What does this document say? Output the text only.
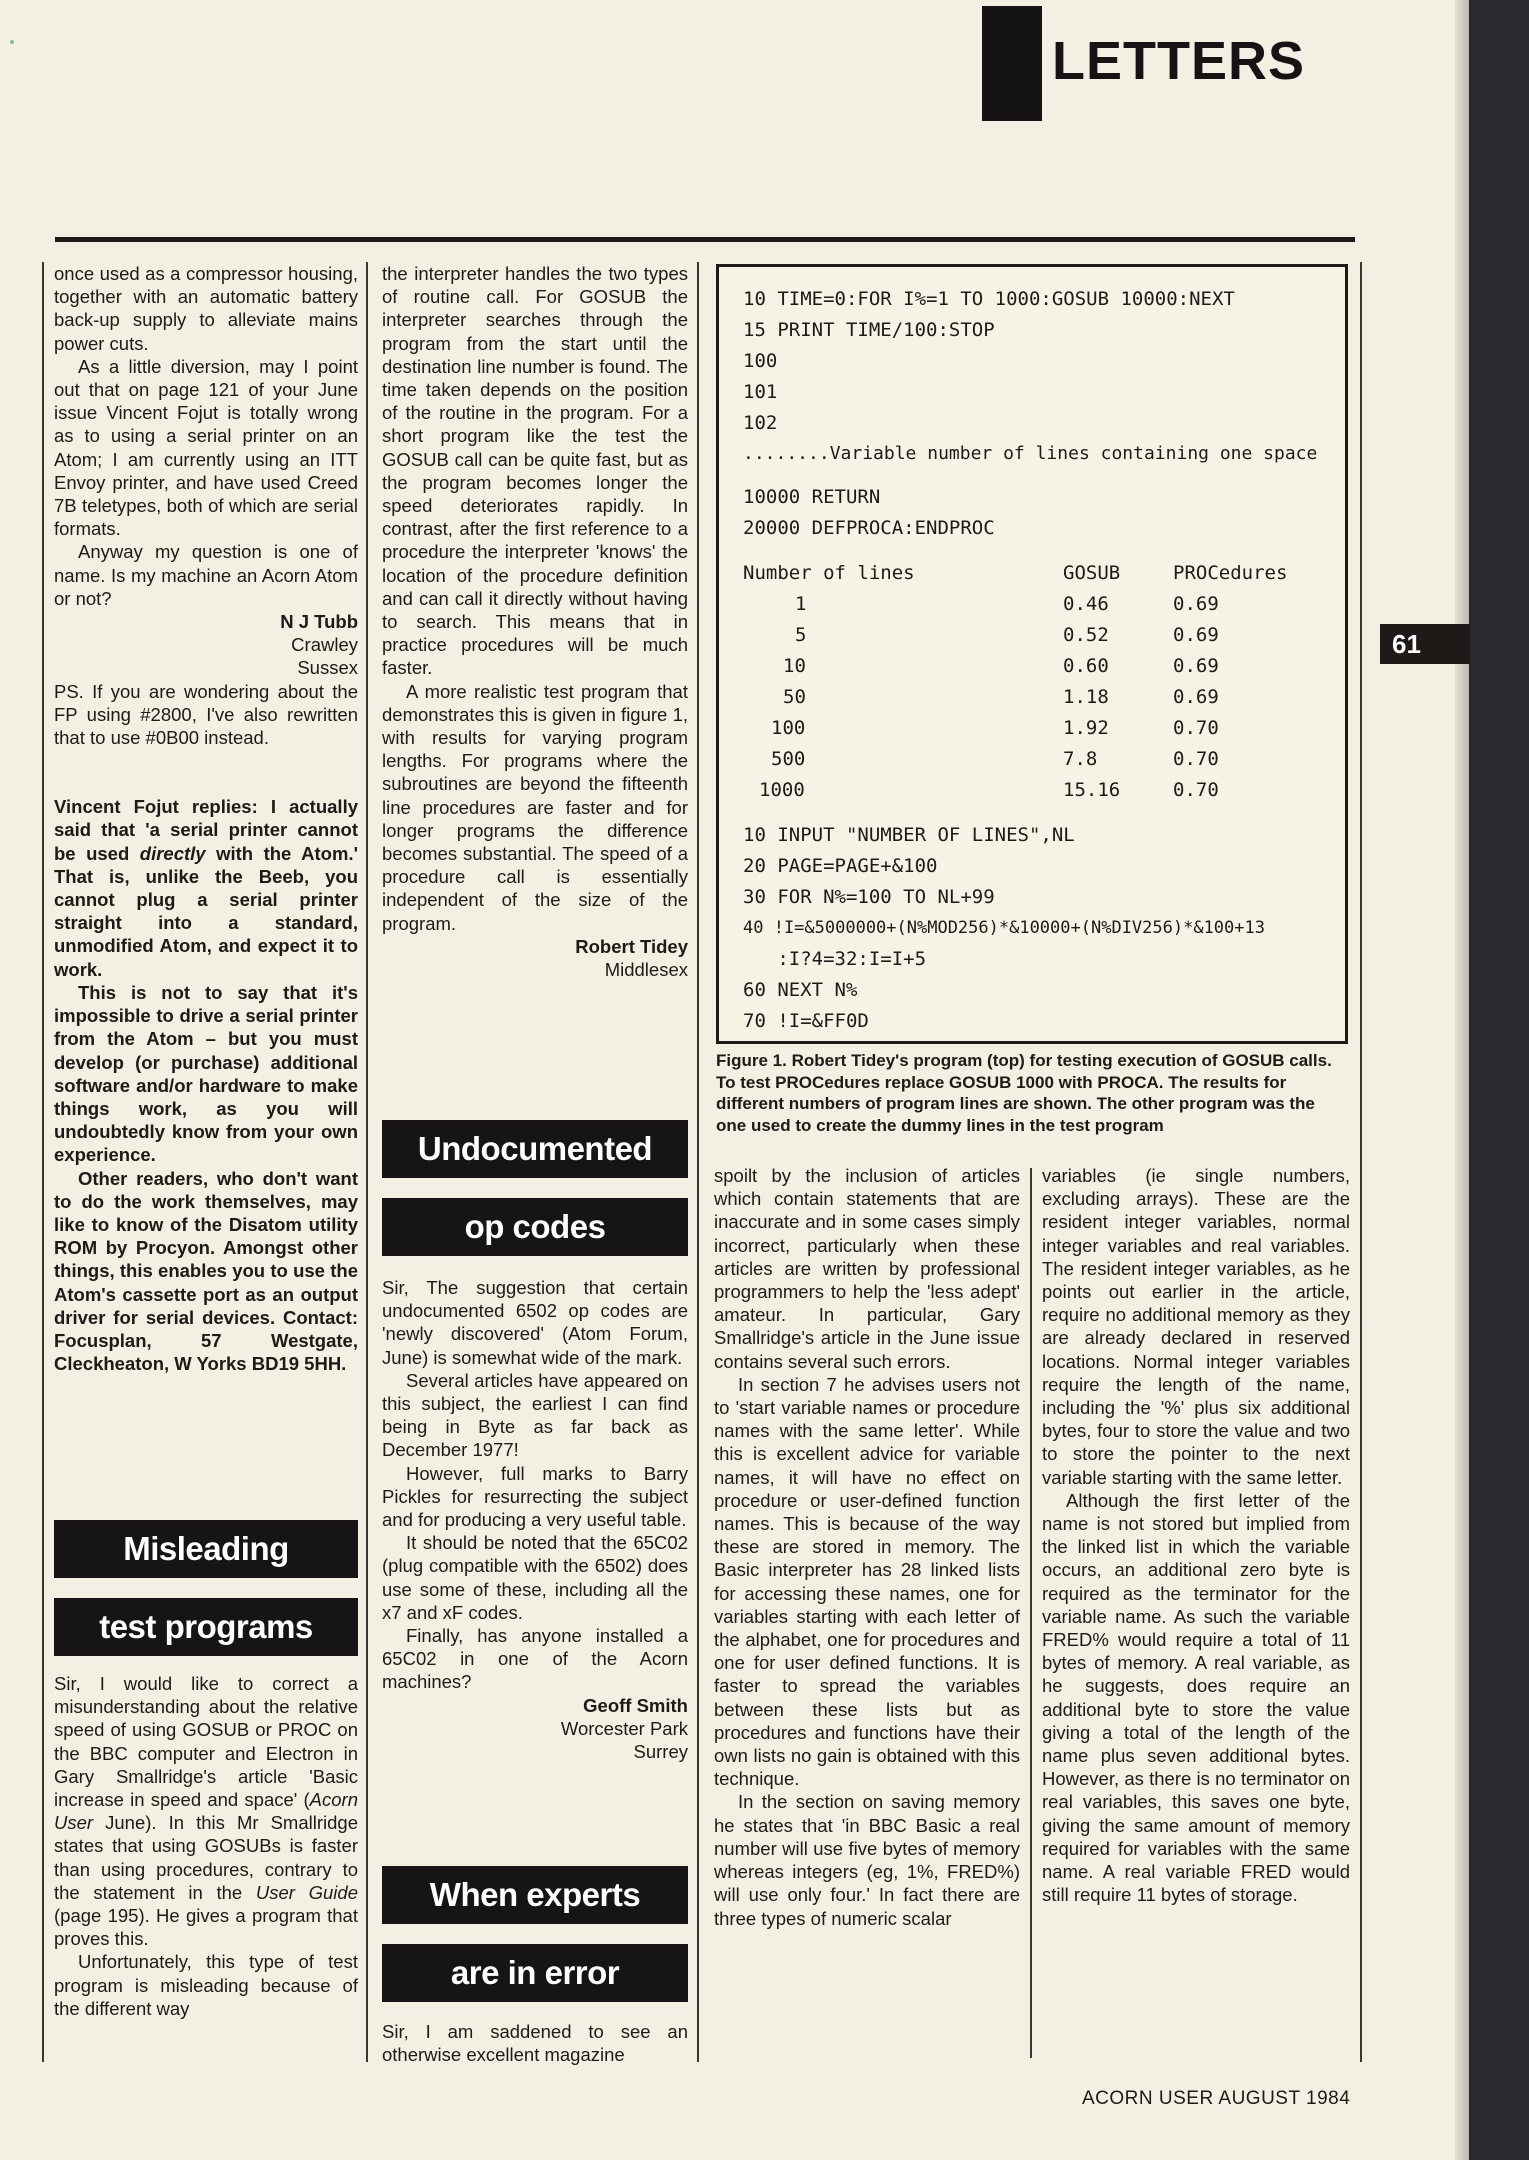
LETTERS
61

once used as a compressor housing, together with an automatic battery back-up supply to alleviate mains power cuts.

As a little diversion, may I point out that on page 121 of your June issue Vincent Fojut is totally wrong as to using a serial printer on an Atom; I am currently using an ITT Envoy printer, and have used Creed 7B teletypes, both of which are serial formats.

Anyway my question is one of name. Is my machine an Acorn Atom or not?

N J Tubb

Crawley

Sussex

PS. If you are wondering about the FP using #2800, I've also rewritten that to use #0B00 instead.

Vincent Fojut replies: I actually said that 'a serial printer cannot be used directly with the Atom.' That is, unlike the Beeb, you cannot plug a serial printer straight into a standard, unmodified Atom, and expect it to work.

This is not to say that it's impossible to drive a serial printer from the Atom – but you must develop (or purchase) additional software and/or hardware to make things work, as you will undoubtedly know from your own experience.

Other readers, who don't want to do the work themselves, may like to know of the Disatom utility ROM by Procyon. Amongst other things, this enables you to use the Atom's cassette port as an output driver for serial devices. Contact: Focusplan, 57 Westgate, Cleckheaton, W Yorks BD19 5HH.

Misleading
test programs

Sir, I would like to correct a misunderstanding about the relative speed of using GOSUB or PROC on the BBC computer and Electron in Gary Smallridge's article 'Basic increase in speed and space' (Acorn User June). In this Mr Smallridge states that using GOSUBs is faster than using procedures, contrary to the statement in the User Guide (page 195). He gives a program that proves this.

Unfortunately, this type of test program is misleading because of the different way

the interpreter handles the two types of routine call. For GOSUB the interpreter searches through the program from the start until the destination line number is found. The time taken depends on the position of the routine in the program. For a short program like the test the GOSUB call can be quite fast, but as the program becomes longer the speed deteriorates rapidly. In contrast, after the first reference to a procedure the interpreter 'knows' the location of the procedure definition and can call it directly without having to search. This means that in practice procedures will be much faster.

A more realistic test program that demonstrates this is given in figure 1, with results for varying program lengths. For programs where the subroutines are beyond the fifteenth line procedures are faster and for longer programs the difference becomes substantial. The speed of a procedure call is essentially independent of the size of the program.

Robert Tidey

Middlesex

Undocumented
op codes

Sir, The suggestion that certain undocumented 6502 op codes are 'newly discovered' (Atom Forum, June) is somewhat wide of the mark.

Several articles have appeared on this subject, the earliest I can find being in Byte as far back as December 1977!

However, full marks to Barry Pickles for resurrecting the subject and for producing a very useful table.

It should be noted that the 65C02 (plug compatible with the 6502) does use some of these, including all the x7 and xF codes.

Finally, has anyone installed a 65C02 in one of the Acorn machines?

Geoff Smith

Worcester Park

Surrey

When experts
are in error

Sir, I am saddened to see an otherwise excellent magazine

10 TIME=0:FOR I%=1 TO 1000:GOSUB 10000:NEXT
15 PRINT TIME/100:STOP
100
101
102
........Variable number of lines containing one space
10000 RETURN
20000 DEFPROCA:ENDPROC
Number of lines	GOSUB	PROCedures
1	0.46	0.69
5	0.52	0.69
10	0.60	0.69
50	1.18	0.69
100	1.92	0.70
500	7.8	0.70
1000	15.16	0.70
10 INPUT "NUMBER OF LINES",NL
20 PAGE=PAGE+&100
30 FOR N%=100 TO NL+99
40 !I=&5000000+(N%MOD256)*&10000+(N%DIV256)*&100+13
:I?4=32:I=I+5
60 NEXT N%
70 !I=&FF0D
Figure 1. Robert Tidey's program (top) for testing execution of GOSUB calls. To test PROCedures replace GOSUB 1000 with PROCA. The results for different numbers of program lines are shown. The other program was the one used to create the dummy lines in the test program

spoilt by the inclusion of articles which contain statements that are inaccurate and in some cases simply incorrect, particularly when these articles are written by professional programmers to help the 'less adept' amateur. In particular, Gary Smallridge's article in the June issue contains several such errors.

In section 7 he advises users not to 'start variable names or procedure names with the same letter'. While this is excellent advice for variable names, it will have no effect on procedure or user-defined function names. This is because of the way these are stored in memory. The Basic interpreter has 28 linked lists for accessing these names, one for variables starting with each letter of the alphabet, one for procedures and one for user defined functions. It is faster to spread the variables between these lists but as procedures and functions have their own lists no gain is obtained with this technique.

In the section on saving memory he states that 'in BBC Basic a real number will use five bytes of memory whereas integers (eg, 1%, FRED%) will use only four.' In fact there are three types of numeric scalar

variables (ie single numbers, excluding arrays). These are the resident integer variables, normal integer variables and real variables. The resident integer variables, as he points out earlier in the article, require no additional memory as they are already declared in reserved locations. Normal integer variables require the length of the name, including the '%' plus six additional bytes, four to store the value and two to store the pointer to the next variable starting with the same letter.

Although the first letter of the name is not stored but implied from the linked list in which the variable occurs, an additional zero byte is required as the terminator for the variable name. As such the variable FRED% would require a total of 11 bytes of memory. A real variable, as he suggests, does require an additional byte to store the value giving a total of the length of the name plus seven additional bytes. However, as there is no terminator on real variables, this saves one byte, giving the same amount of memory required for variables with the same name. A real variable FRED would still require 11 bytes of storage.

ACORN USER AUGUST 1984
